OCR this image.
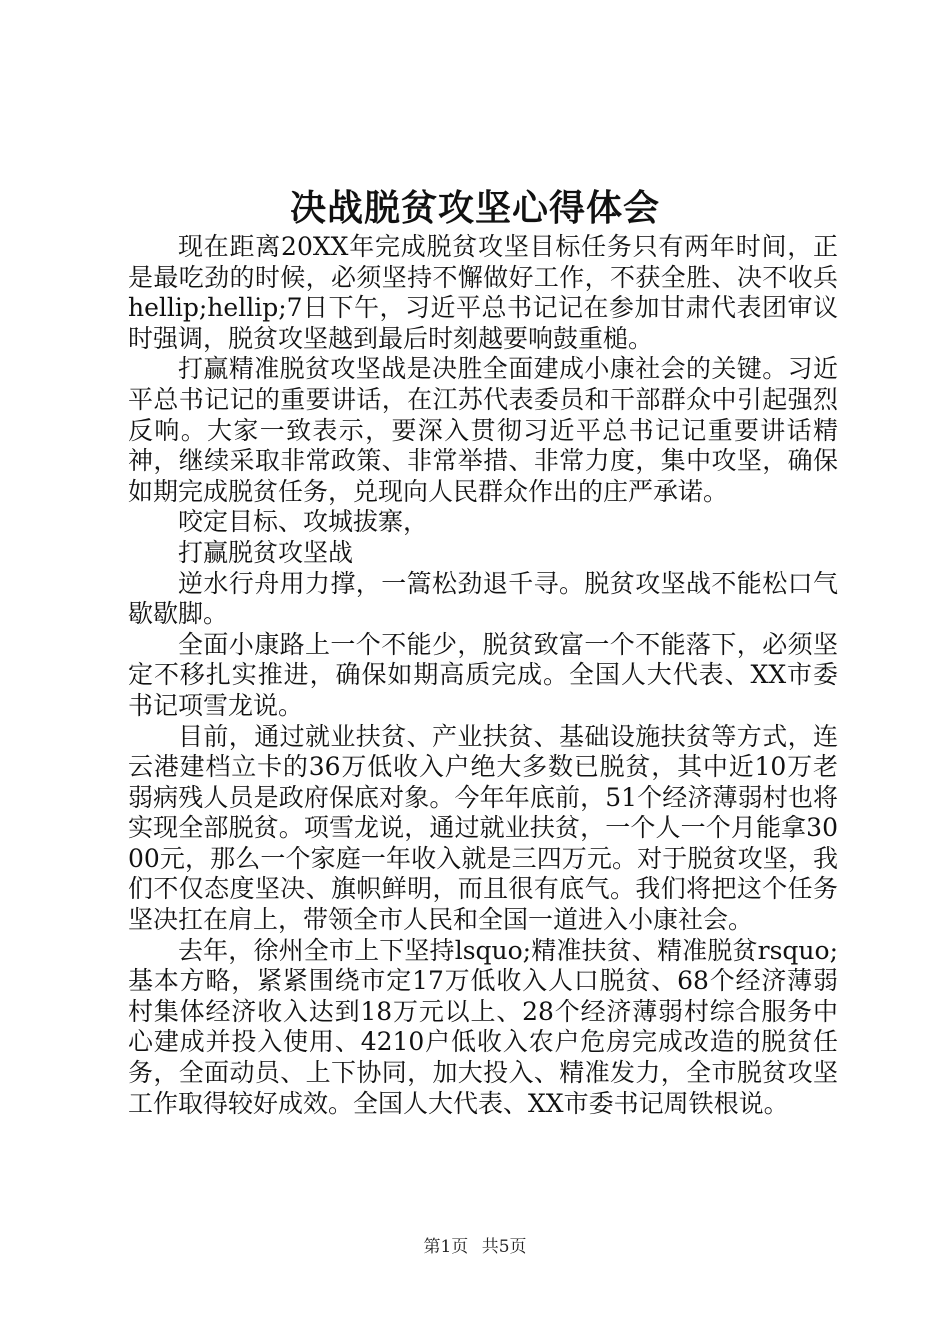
决战脱贫攻坚心得体会

现在距离20XX年完成脱贫攻坚目标任务只有两年时间，正是最吃劲的时候，必须坚持不懈做好工作，不获全胜、决不收兵hellip;hellip;7日下午，习近平总书记记在参加甘肃代表团审议时强调，脱贫攻坚越到最后时刻越要响鼓重槌。

打赢精准脱贫攻坚战是决胜全面建成小康社会的关键。习近平总书记记的重要讲话，在江苏代表委员和干部群众中引起强烈反响。大家一致表示，要深入贯彻习近平总书记记重要讲话精神，继续采取非常政策、非常举措、非常力度，集中攻坚，确保如期完成脱贫任务，兑现向人民群众作出的庄严承诺。

咬定目标、攻城拔寨，

打赢脱贫攻坚战

逆水行舟用力撑，一篙松劲退千寻。脱贫攻坚战不能松口气歇歇脚。

全面小康路上一个不能少，脱贫致富一个不能落下，必须坚定不移扎实推进，确保如期高质完成。全国人大代表、XX市委书记项雪龙说。

目前，通过就业扶贫、产业扶贫、基础设施扶贫等方式，连云港建档立卡的36万低收入户绝大多数已脱贫，其中近10万老弱病残人员是政府保底对象。今年年底前，51个经济薄弱村也将实现全部脱贫。项雪龙说，通过就业扶贫，一个人一个月能拿3000元，那么一个家庭一年收入就是三四万元。对于脱贫攻坚，我们不仅态度坚决、旗帜鲜明，而且很有底气。我们将把这个任务坚决扛在肩上，带领全市人民和全国一道进入小康社会。

去年，徐州全市上下坚持lsquo;精准扶贫、精准脱贫rsquo;基本方略，紧紧围绕市定17万低收入人口脱贫、68个经济薄弱村集体经济收入达到18万元以上、28个经济薄弱村综合服务中心建成并投入使用、4210户低收入农户危房完成改造的脱贫任务，全面动员、上下协同，加大投入、精准发力，全市脱贫攻坚工作取得较好成效。全国人大代表、XX市委书记周铁根说。

第1页 共5页
